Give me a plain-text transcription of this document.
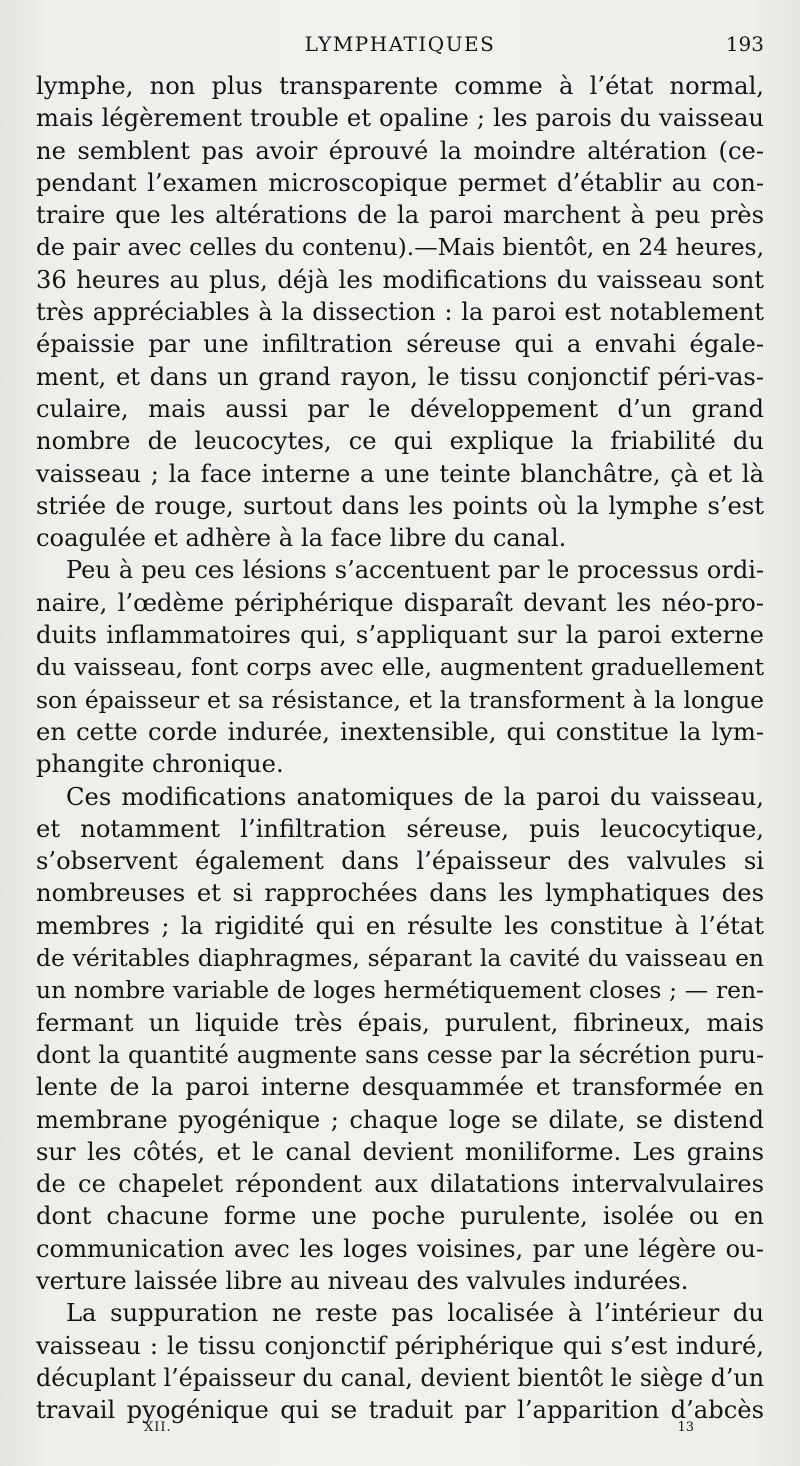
LYMPHATIQUES	193
lymphe, non plus transparente comme à l’état normal,
mais légèrement trouble et opaline ; les parois du vaisseau
ne semblent pas avoir éprouvé la moindre altération (ce-
pendant l’examen microscopique permet d’établir au con-
traire que les altérations de la paroi marchent à peu près
de pair avec celles du contenu).—Mais bientôt, en 24 heures,
36 heures au plus, déjà les modifications du vaisseau sont
très appréciables à la dissection : la paroi est notablement
épaissie par une infiltration séreuse qui a envahi égale-
ment, et dans un grand rayon, le tissu conjonctif péri-vas-
culaire, mais aussi par le développement d’un grand
nombre de leucocytes, ce qui explique la friabilité du
vaisseau ; la face interne a une teinte blanchâtre, çà et là
striée de rouge, surtout dans les points où la lymphe s’est
coagulée et adhère à la face libre du canal.
Peu à peu ces lésions s’accentuent par le processus ordi-
naire, l’œdème périphérique disparaît devant les néo-pro-
duits inflammatoires qui, s’appliquant sur la paroi externe
du vaisseau, font corps avec elle, augmentent graduellement
son épaisseur et sa résistance, et la transforment à la longue
en cette corde indurée, inextensible, qui constitue la lym-
phangite chronique.
Ces modifications anatomiques de la paroi du vaisseau,
et notamment l’infiltration séreuse, puis leucocytique,
s’observent également dans l’épaisseur des valvules si
nombreuses et si rapprochées dans les lymphatiques des
membres ; la rigidité qui en résulte les constitue à l’état
de véritables diaphragmes, séparant la cavité du vaisseau en
un nombre variable de loges hermétiquement closes ; — ren-
fermant un liquide très épais, purulent, fibrineux, mais
dont la quantité augmente sans cesse par la sécrétion puru-
lente de la paroi interne desquammée et transformée en
membrane pyogénique ; chaque loge se dilate, se distend
sur les côtés, et le canal devient moniliforme. Les grains
de ce chapelet répondent aux dilatations intervalvulaires
dont chacune forme une poche purulente, isolée ou en
communication avec les loges voisines, par une légère ou-
verture laissée libre au niveau des valvules indurées.
La suppuration ne reste pas localisée à l’intérieur du
vaisseau : le tissu conjonctif périphérique qui s’est induré,
décuplant l’épaisseur du canal, devient bientôt le siège d’un
travail pyogénique qui se traduit par l’apparition d’abcès
XII.	13
